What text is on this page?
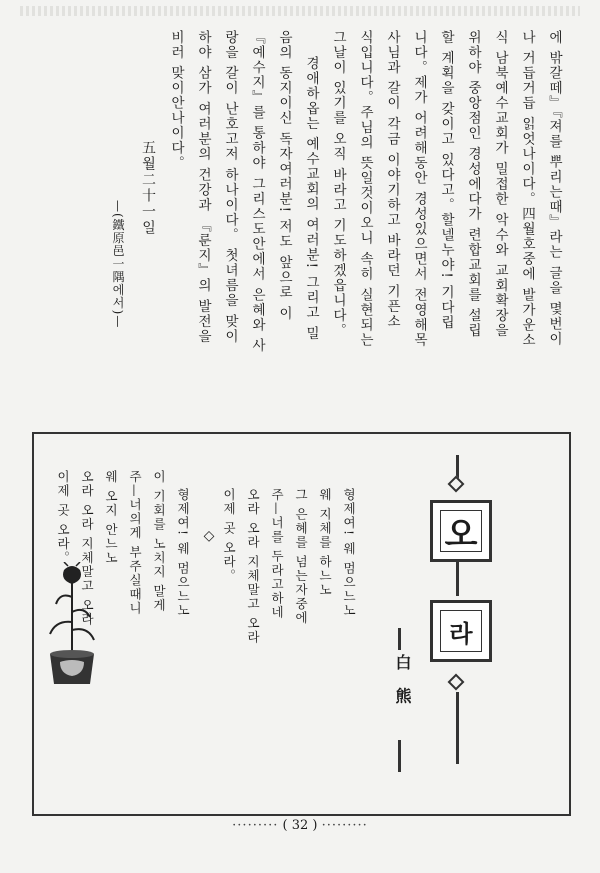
에 밖갈떼』『져를 뿌리는때』라는 글을 몇번이
나 거듭거듭 읽엇나이다。四월호중에 발가운소
식 남북예수교회가 밀접한 악수와 교회확장을
위하야 중앙점인 경성에다가 련합교회를 설립
할 계획을 갖이고 있다고。할넬누야! 기다립
니다。제가 어려해동안 경성있으면서 전영해목
사님과 갈이 각금 이야기하고 바라던 기픈소
식입니다。주님의 뜻일것이오니 속히 실현되는
그날이 있기를 오직 바라고 기도하겠읍니다。
경애하옵는 예수교회의 여러분! 그리고 밀
음의 동지이신 독자여러분! 저도 앞으로 이
『예수지』를 통하야 그리스도안에서 은혜와 사
랑을 갈이 난호고저 하나이다。 첫녀름을 맞이
하야 삼가 여러분의 건강과 『룬지』의 발전을
비러 맞이안나이다。
五월二十一일
—(鐵原邑一隅에서)—
오
라
白 熊
형제여! 웨 멈으느노
웨 지체를 하느노
그 은혜를 넘는자중에
주—너를 두라고하네
오라 오라 지체말고 오라
이제 곳 오라。
◇
형제여! 웨 멈으느노
이 기회를 노치지 말게
주—너의게 부주실때니
웨 오지 안느노
오라 오라 지체말고 오라
이제 곳 오라。
········· ( 32 ) ·········
